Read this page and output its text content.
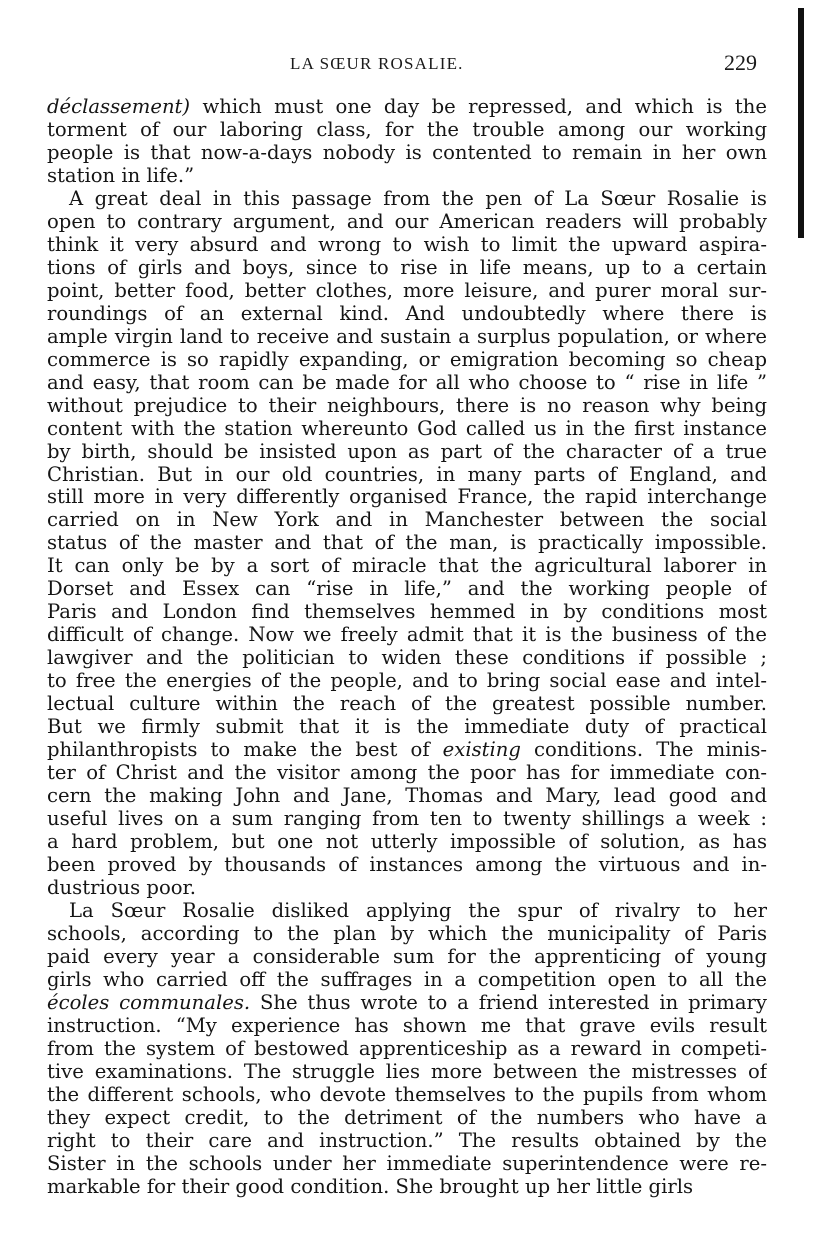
LA SŒUR ROSALIE.	229
déclassement) which must one day be repressed, and which is the
torment of our laboring class, for the trouble among our working
people is that now-a-days nobody is contented to remain in her own
station in life.”
A great deal in this passage from the pen of La Sœur Rosalie is
open to contrary argument, and our American readers will probably
think it very absurd and wrong to wish to limit the upward aspira-
tions of girls and boys, since to rise in life means, up to a certain
point, better food, better clothes, more leisure, and purer moral sur-
roundings of an external kind. And undoubtedly where there is
ample virgin land to receive and sustain a surplus population, or where
commerce is so rapidly expanding, or emigration becoming so cheap
and easy, that room can be made for all who choose to “ rise in life ”
without prejudice to their neighbours, there is no reason why being
content with the station whereunto God called us in the first instance
by birth, should be insisted upon as part of the character of a true
Christian. But in our old countries, in many parts of England, and
still more in very differently organised France, the rapid interchange
carried on in New York and in Manchester between the social
status of the master and that of the man, is practically impossible.
It can only be by a sort of miracle that the agricultural laborer in
Dorset and Essex can “rise in life,” and the working people of
Paris and London find themselves hemmed in by conditions most
difficult of change. Now we freely admit that it is the business of the
lawgiver and the politician to widen these conditions if possible ;
to free the energies of the people, and to bring social ease and intel-
lectual culture within the reach of the greatest possible number.
But we firmly submit that it is the immediate duty of practical
philanthropists to make the best of existing conditions. The minis-
ter of Christ and the visitor among the poor has for immediate con-
cern the making John and Jane, Thomas and Mary, lead good and
useful lives on a sum ranging from ten to twenty shillings a week :
a hard problem, but one not utterly impossible of solution, as has
been proved by thousands of instances among the virtuous and in-
dustrious poor.
La Sœur Rosalie disliked applying the spur of rivalry to her
schools, according to the plan by which the municipality of Paris
paid every year a considerable sum for the apprenticing of young
girls who carried off the suffrages in a competition open to all the
écoles communales. She thus wrote to a friend interested in primary
instruction. “My experience has shown me that grave evils result
from the system of bestowed apprenticeship as a reward in competi-
tive examinations. The struggle lies more between the mistresses of
the different schools, who devote themselves to the pupils from whom
they expect credit, to the detriment of the numbers who have a
right to their care and instruction.” The results obtained by the
Sister in the schools under her immediate superintendence were re-
markable for their good condition. She brought up her little girls
